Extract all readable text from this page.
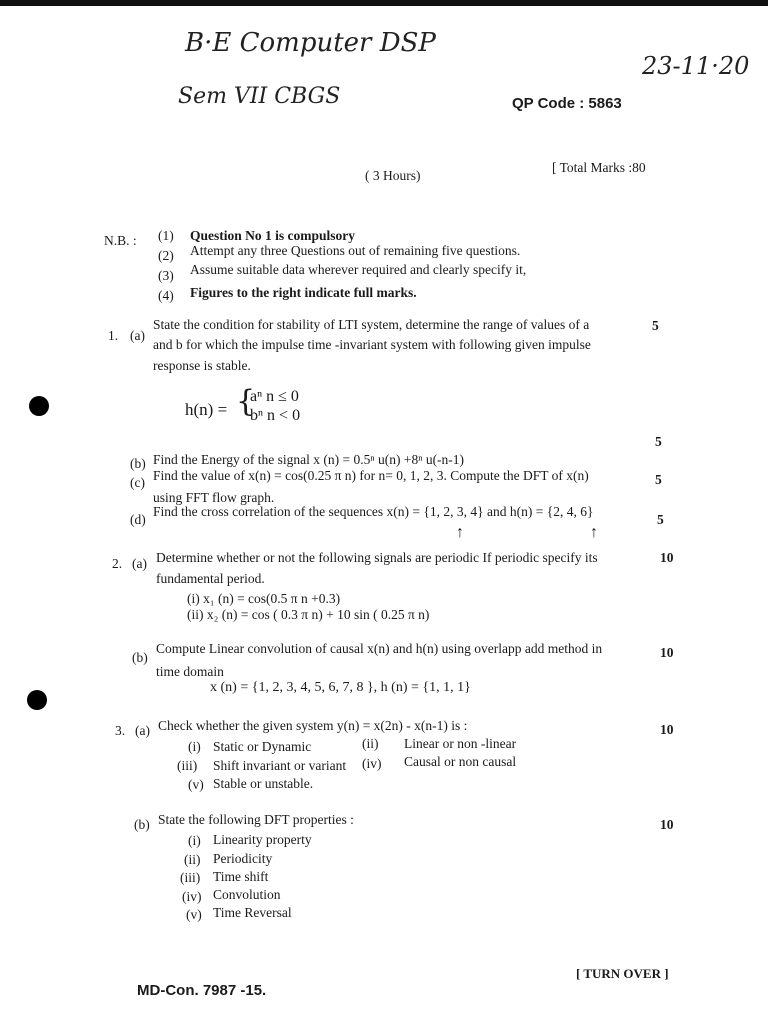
B·E Computer DSP
Sem VII CBGS
23-11·20
QP Code : 5863
( 3 Hours)
[ Total Marks :80
N.B. : (1) Question No 1 is compulsory
(2) Attempt any three Questions out of remaining five questions.
(3) Assume suitable data wherever required and clearly specify it,
(4) Figures to the right indicate full marks.
1. (a)
State the condition for stability of LTI system, determine the range of values of a
and b for which the impulse time -invariant system with following given impulse
response is stable.
5
h(n) = {
aⁿ n ≤ 0
bⁿ n < 0
5
(b) Find the Energy of the signal x (n) = 0.5ⁿ u(n) +8ⁿ u(-n-1)
(c) Find the value of x(n) = cos(0.25 π n) for n= 0, 1, 2, 3. Compute the DFT of x(n)
using FFT flow graph.
5
(d)
Find the cross correlation of the sequences x(n) = {1, 2, 3, 4} and h(n) = {2, 4, 6}
5
↑	↑
2. (a) Determine whether or not the following signals are periodic If periodic specify its
fundamental period.
10
(i) x₁ (n) = cos(0.5 π n +0.3)
(ii) x₂ (n) = cos ( 0.3 π n) + 10 sin ( 0.25 π n)
(b)
Compute Linear convolution of causal x(n) and h(n) using overlapp add method in
time domain
x (n) = {1, 2, 3, 4, 5, 6, 7, 8 }, h (n) = {1, 1, 1}
10
3. (a) Check whether the given system y(n) = x(2n) - x(n-1) is :	10
(i) Static or Dynamic	(ii) Linear or non -linear
(iii) Shift invariant or variant (iv) Causal or non causal
(v) Stable or unstable.
(b) State the following DFT properties :	10
(i) Linearity property
(ii) Periodicity
(iii) Time shift
(iv) Convolution
(v) Time Reversal
[ TURN OVER ]
MD-Con. 7987 -15.
